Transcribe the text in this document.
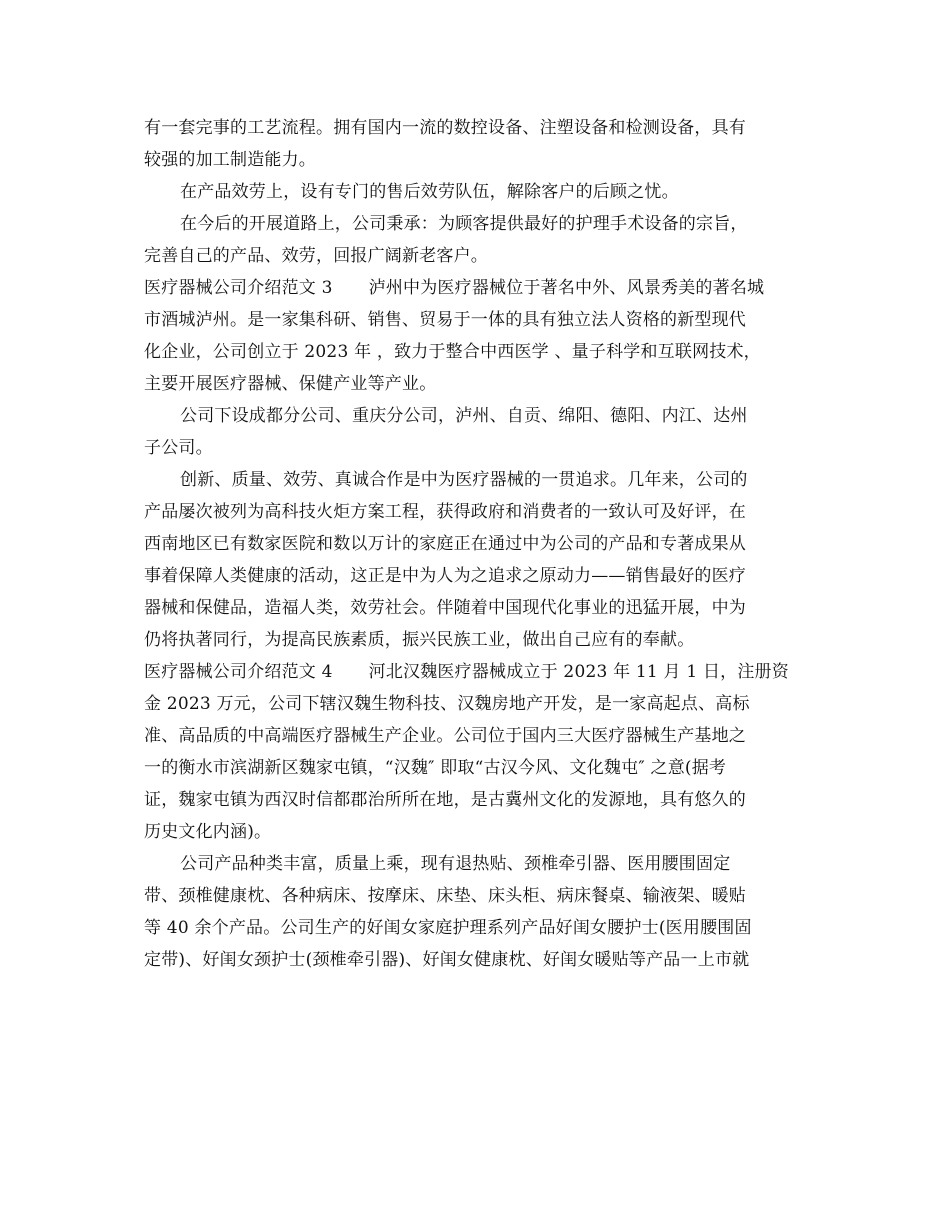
有一套完事的工艺流程。拥有国内一流的数控设备、注塑设备和检测设备，具有
较强的加工制造能力。
在产品效劳上，设有专门的售后效劳队伍，解除客户的后顾之忧。
在今后的开展道路上，公司秉承：为顾客提供最好的护理手术设备的宗旨，
完善自己的产品、效劳，回报广阔新老客户。
医疗器械公司介绍范文 3 泸州中为医疗器械位于著名中外、风景秀美的著名城
市酒城泸州。是一家集科研、销售、贸易于一体的具有独立法人资格的新型现代
化企业，公司创立于 2023 年 ，致力于整合中西医学 、量子科学和互联网技术，
主要开展医疗器械、保健产业等产业。
公司下设成都分公司、重庆分公司，泸州、自贡、绵阳、德阳、内江、达州
子公司。
创新、质量、效劳、真诚合作是中为医疗器械的一贯追求。几年来，公司的
产品屡次被列为高科技火炬方案工程，获得政府和消费者的一致认可及好评，在
西南地区已有数家医院和数以万计的家庭正在通过中为公司的产品和专著成果从
事着保障人类健康的活动，这正是中为人为之追求之原动力——销售最好的医疗
器械和保健品，造福人类，效劳社会。伴随着中国现代化事业的迅猛开展，中为
仍将执著同行，为提高民族素质，振兴民族工业，做出自己应有的奉献。
医疗器械公司介绍范文 4 河北汉魏医疗器械成立于 2023 年 11 月 1 日，注册资
金 2023 万元，公司下辖汉魏生物科技、汉魏房地产开发，是一家高起点、高标
准、高品质的中高端医疗器械生产企业。公司位于国内三大医疗器械生产基地之
一的衡水市滨湖新区魏家屯镇，“汉魏″ 即取“古汉今风、文化魏屯″ 之意(据考
证，魏家屯镇为西汉时信都郡治所所在地，是古冀州文化的发源地，具有悠久的
历史文化内涵)。
公司产品种类丰富，质量上乘，现有退热贴、颈椎牵引器、医用腰围固定
带、颈椎健康枕、各种病床、按摩床、床垫、床头柜、病床餐桌、输液架、暖贴
等 40 余个产品。公司生产的好闺女家庭护理系列产品好闺女腰护士(医用腰围固
定带)、好闺女颈护士(颈椎牵引器)、好闺女健康枕、好闺女暖贴等产品一上市就
